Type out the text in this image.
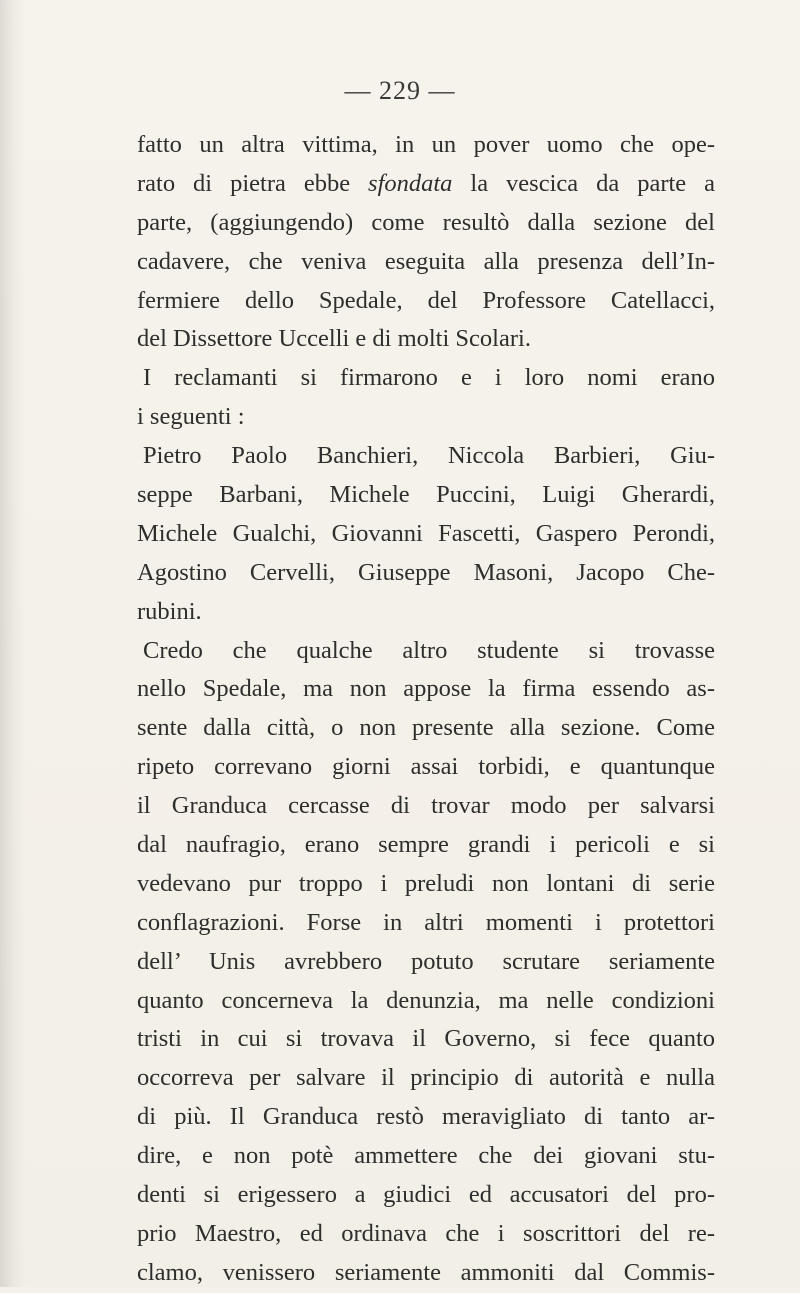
— 229 —
fatto un altra vittima, in un pover uomo che ope-
rato di pietra ebbe sfondata la vescica da parte a
parte, (aggiungendo) come resultò dalla sezione del
cadavere, che veniva eseguita alla presenza dell’In-
fermiere dello Spedale, del Professore Catellacci,
del Dissettore Uccelli e di molti Scolari.
I reclamanti si firmarono e i loro nomi erano
i seguenti :
Pietro Paolo Banchieri, Niccola Barbieri, Giu-
seppe Barbani, Michele Puccini, Luigi Gherardi,
Michele Gualchi, Giovanni Fascetti, Gaspero Perondi,
Agostino Cervelli, Giuseppe Masoni, Jacopo Che-
rubini.
Credo che qualche altro studente si trovasse
nello Spedale, ma non appose la firma essendo as-
sente dalla città, o non presente alla sezione. Come
ripeto correvano giorni assai torbidi, e quantunque
il Granduca cercasse di trovar modo per salvarsi
dal naufragio, erano sempre grandi i pericoli e si
vedevano pur troppo i preludi non lontani di serie
conflagrazioni. Forse in altri momenti i protettori
dell’ Unis avrebbero potuto scrutare seriamente
quanto concerneva la denunzia, ma nelle condizioni
tristi in cui si trovava il Governo, si fece quanto
occorreva per salvare il principio di autorità e nulla
di più. Il Granduca restò meravigliato di tanto ar-
dire, e non potè ammettere che dei giovani stu-
denti si erigessero a giudici ed accusatori del pro-
prio Maestro, ed ordinava che i soscrittori del re-
clamo, venissero seriamente ammoniti dal Commis-
